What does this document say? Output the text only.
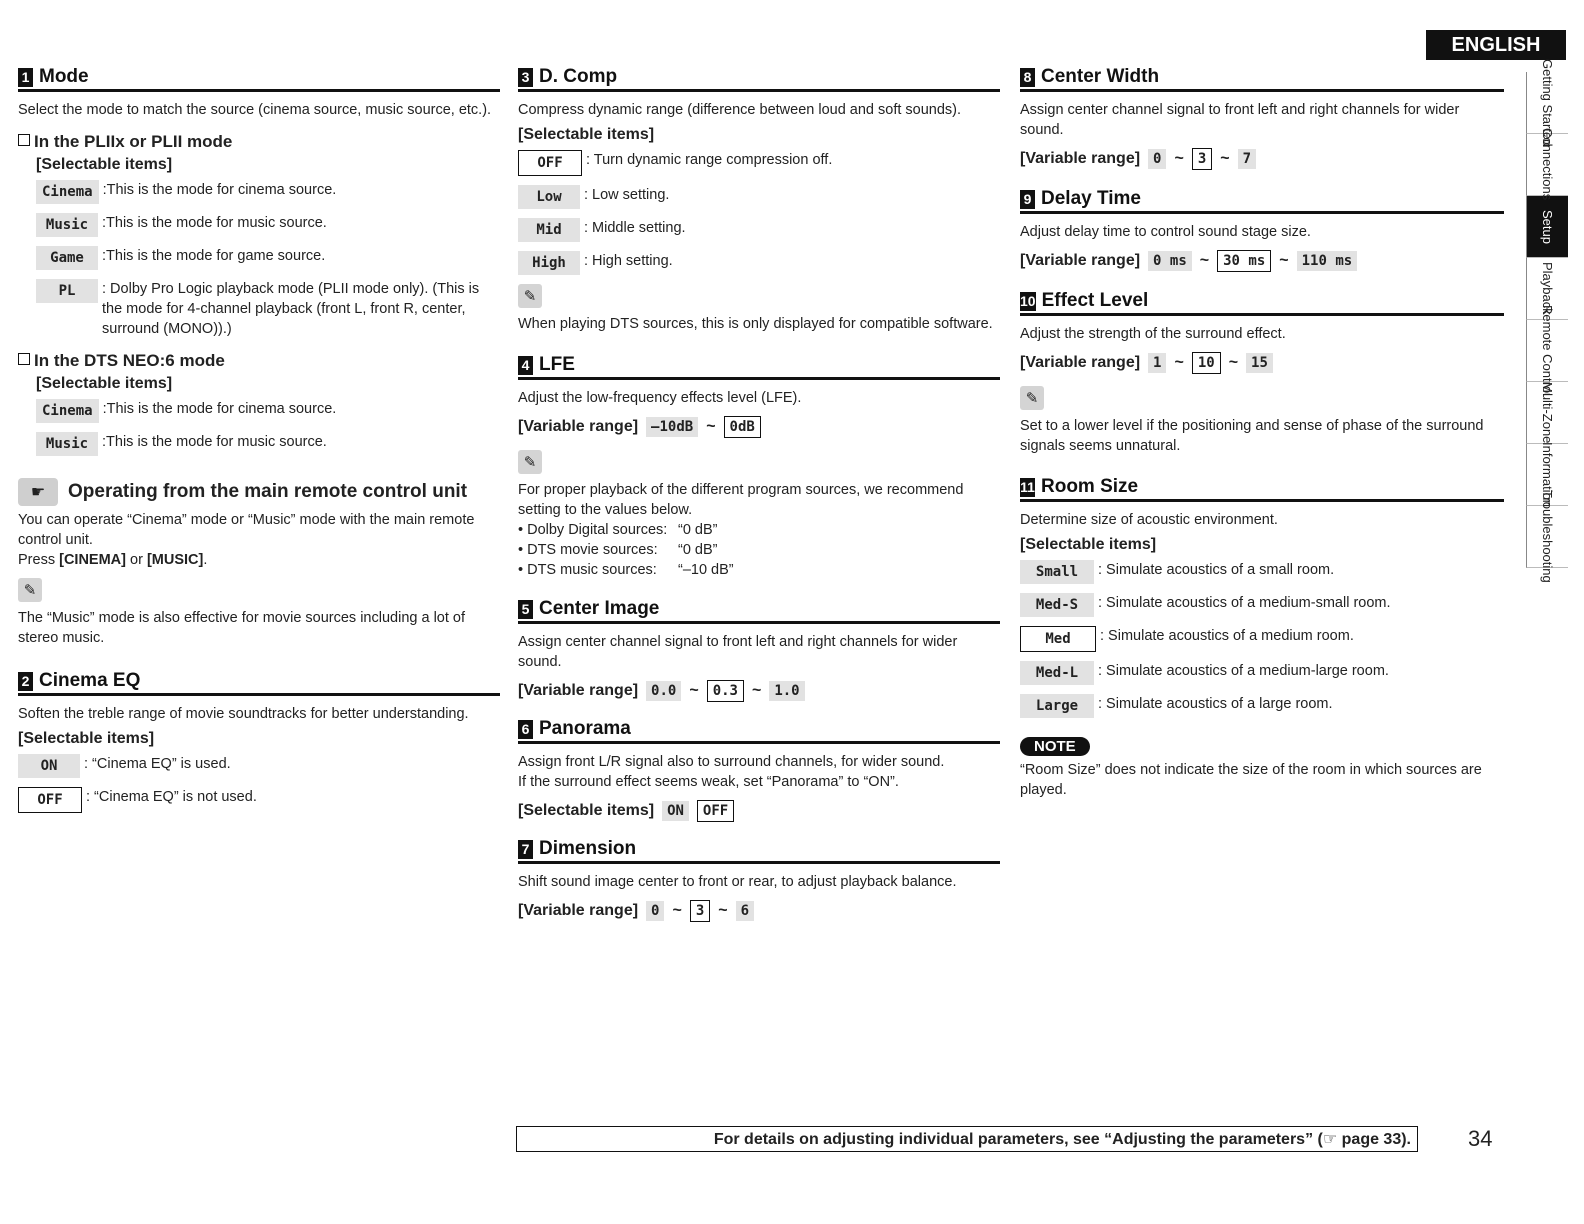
ENGLISH
Getting Started
Connections
Setup
Playback
Remote Control
Multi-Zone
Information
Troubleshooting
1 Mode

Select the mode to match the source (cinema source, music source, etc.).

In the PLIIx or PLII mode
[Selectable items]
Cinema :This is the mode for cinema source.
Music :This is the mode for music source.
Game	:This is the mode for game source.
PL	: Dolby Pro Logic playback mode (PLII mode only). (This is the mode for 4-channel playback (front L, front R, center, surround (MONO)).)
In the DTS NEO:6 mode
[Selectable items]
Cinema :This is the mode for cinema source.
Music :This is the mode for music source.
☛	Operating from the main remote control unit

You can operate “Cinema” mode or “Music” mode with the main remote control unit.

Press [CINEMA] or [MUSIC].

✎

The “Music” mode is also effective for movie sources including a lot of stereo music.

2 Cinema EQ

Soften the treble range of movie soundtracks for better understanding.

[Selectable items]
ON	: “Cinema EQ” is used.
OFF	: “Cinema EQ” is not used.
3 D. Comp

Compress dynamic range (difference between loud and soft sounds).

[Selectable items]
OFF	: Turn dynamic range compression off.
Low	: Low setting.
Mid	: Middle setting.
High	: High setting.
✎

When playing DTS sources, this is only displayed for compatible software.

4 LFE

Adjust the low-frequency effects level (LFE).

[Variable range] –10dB ~	0dB
✎

For proper playback of the different program sources, we recommend setting to the values below.

• Dolby Digital sources: “0 dB”
• DTS movie sources:	“0 dB”
• DTS music sources:	“–10 dB”
5 Center Image

Assign center channel signal to front left and right channels for wider sound.

[Variable range] 0.0 ~	0.3 ~ 1.0
6 Panorama

Assign front L/R signal also to surround channels, for wider sound.

If the surround effect seems weak, set “Panorama” to “ON”.

[Selectable items] ON	OFF
7 Dimension

Shift sound image center to front or rear, to adjust playback balance.

[Variable range] 0 ~	3 ~ 6
8 Center Width

Assign center channel signal to front left and right channels for wider sound.

[Variable range] 0 ~	3 ~ 7
9 Delay Time

Adjust delay time to control sound stage size.

[Variable range] 0 ms ~	30 ms ~ 110 ms
10 Effect Level

Adjust the strength of the surround effect.

[Variable range] 1 ~	10 ~ 15
✎

Set to a lower level if the positioning and sense of phase of the surround signals seems unnatural.

11 Room Size

Determine size of acoustic environment.

[Selectable items]
Small	: Simulate acoustics of a small room.
Med-S	: Simulate acoustics of a medium-small room.
Med	: Simulate acoustics of a medium room.
Med-L	: Simulate acoustics of a medium-large room.
Large	: Simulate acoustics of a large room.
NOTE

“Room Size” does not indicate the size of the room in which sources are played.

For details on adjusting individual parameters, see “Adjusting the parameters” (☞ page 33).	34
